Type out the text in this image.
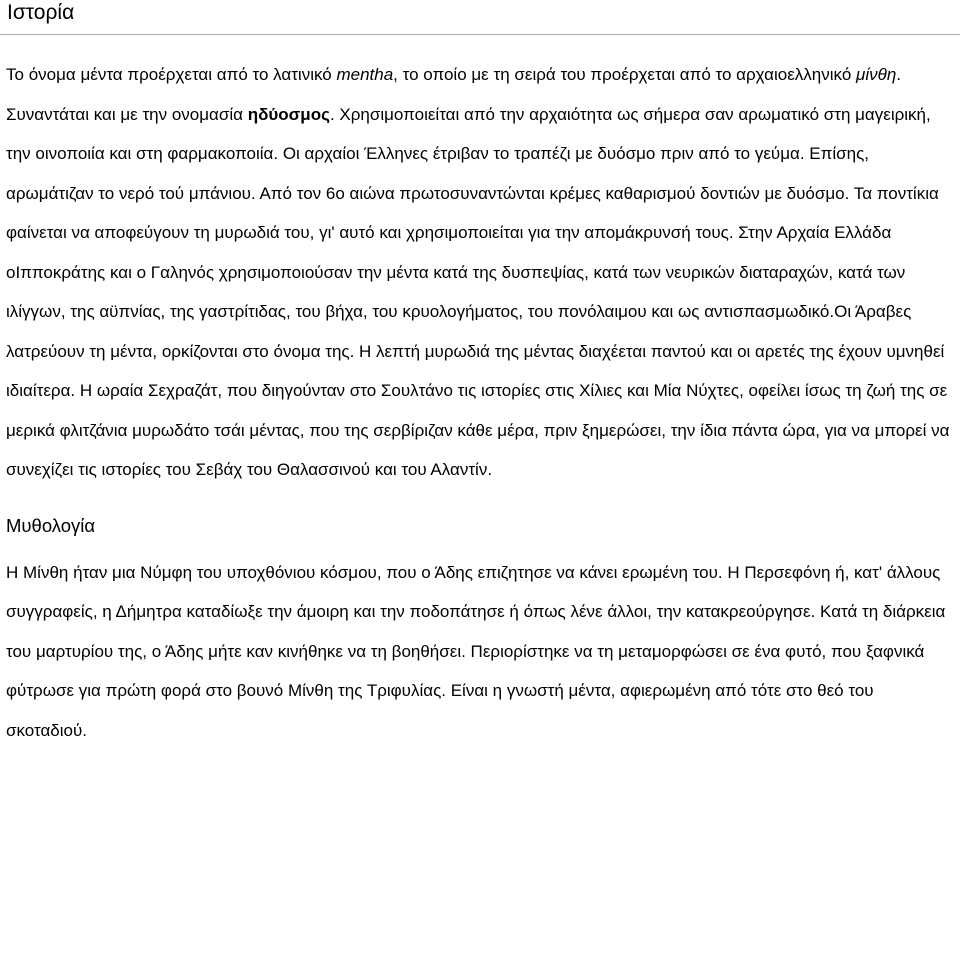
Ιστορία

Το όνομα μέντα προέρχεται από το λατινικό mentha, το οποίο με τη σειρά του προέρχεται από το αρχαιοελληνικό μίνθη. Συναντάται και με την ονομασία ηδύοσμος. Χρησιμοποιείται από την αρχαιότητα ως σήμερα σαν αρωματικό στη μαγειρική, την οινοποιία και στη φαρμακοποιία. Οι αρχαίοι Έλληνες έτριβαν το τραπέζι με δυόσμο πριν από το γεύμα. Επίσης, αρωμάτιζαν το νερό τού μπάνιου. Από τον 6ο αιώνα πρωτοσυναντώνται κρέμες καθαρισμού δοντιών με δυόσμο. Τα ποντίκια φαίνεται να αποφεύγουν τη μυρωδιά του, γι' αυτό και χρησιμοποιείται για την απομάκρυνσή τους. Στην Αρχαία Ελλάδα οΙπποκράτης και ο Γαληνός χρησιμοποιούσαν την μέντα κατά της δυσπεψίας, κατά των νευρικών διαταραχών, κατά των ιλίγγων, της αϋπνίας, της γαστρίτιδας, του βήχα, του κρυολογήματος, του πονόλαιμου και ως αντισπασμωδικό.Οι Άραβες λατρεύουν τη μέντα, ορκίζονται στο όνομα της. Η λεπτή μυρωδιά της μέντας διαχέεται παντού και οι αρετές της έχουν υμνηθεί ιδιαίτερα. Η ωραία Σεχραζάτ, που διηγούνταν στο Σουλτάνο τις ιστορίες στις Χίλιες και Μία Νύχτες, οφείλει ίσως τη ζωή της σε μερικά φλιτζάνια μυρωδάτο τσάι μέντας, που της σερβίριζαν κάθε μέρα, πριν ξημερώσει, την ίδια πάντα ώρα, για να μπορεί να συνεχίζει τις ιστορίες του Σεβάχ του Θαλασσινού και του Αλαντίν.

Μυθολογία

Η Μίνθη ήταν μια Νύμφη του υποχθόνιου κόσμου, που ο Άδης επιζητησε να κάνει ερωμένη του. Η Περσεφόνη ή, κατ' άλλους συγγραφείς, η Δήμητρα καταδίωξε την άμοιρη και την ποδοπάτησε ή όπως λένε άλλοι, την κατακρεούργησε. Κατά τη διάρκεια του μαρτυρίου της, ο Άδης μήτε καν κινήθηκε να τη βοηθήσει. Περιορίστηκε να τη μεταμορφώσει σε ένα φυτό, που ξαφνικά φύτρωσε για πρώτη φορά στο βουνό Μίνθη της Τριφυλίας. Είναι η γνωστή μέντα, αφιερωμένη από τότε στο θεό του σκοταδιού.
